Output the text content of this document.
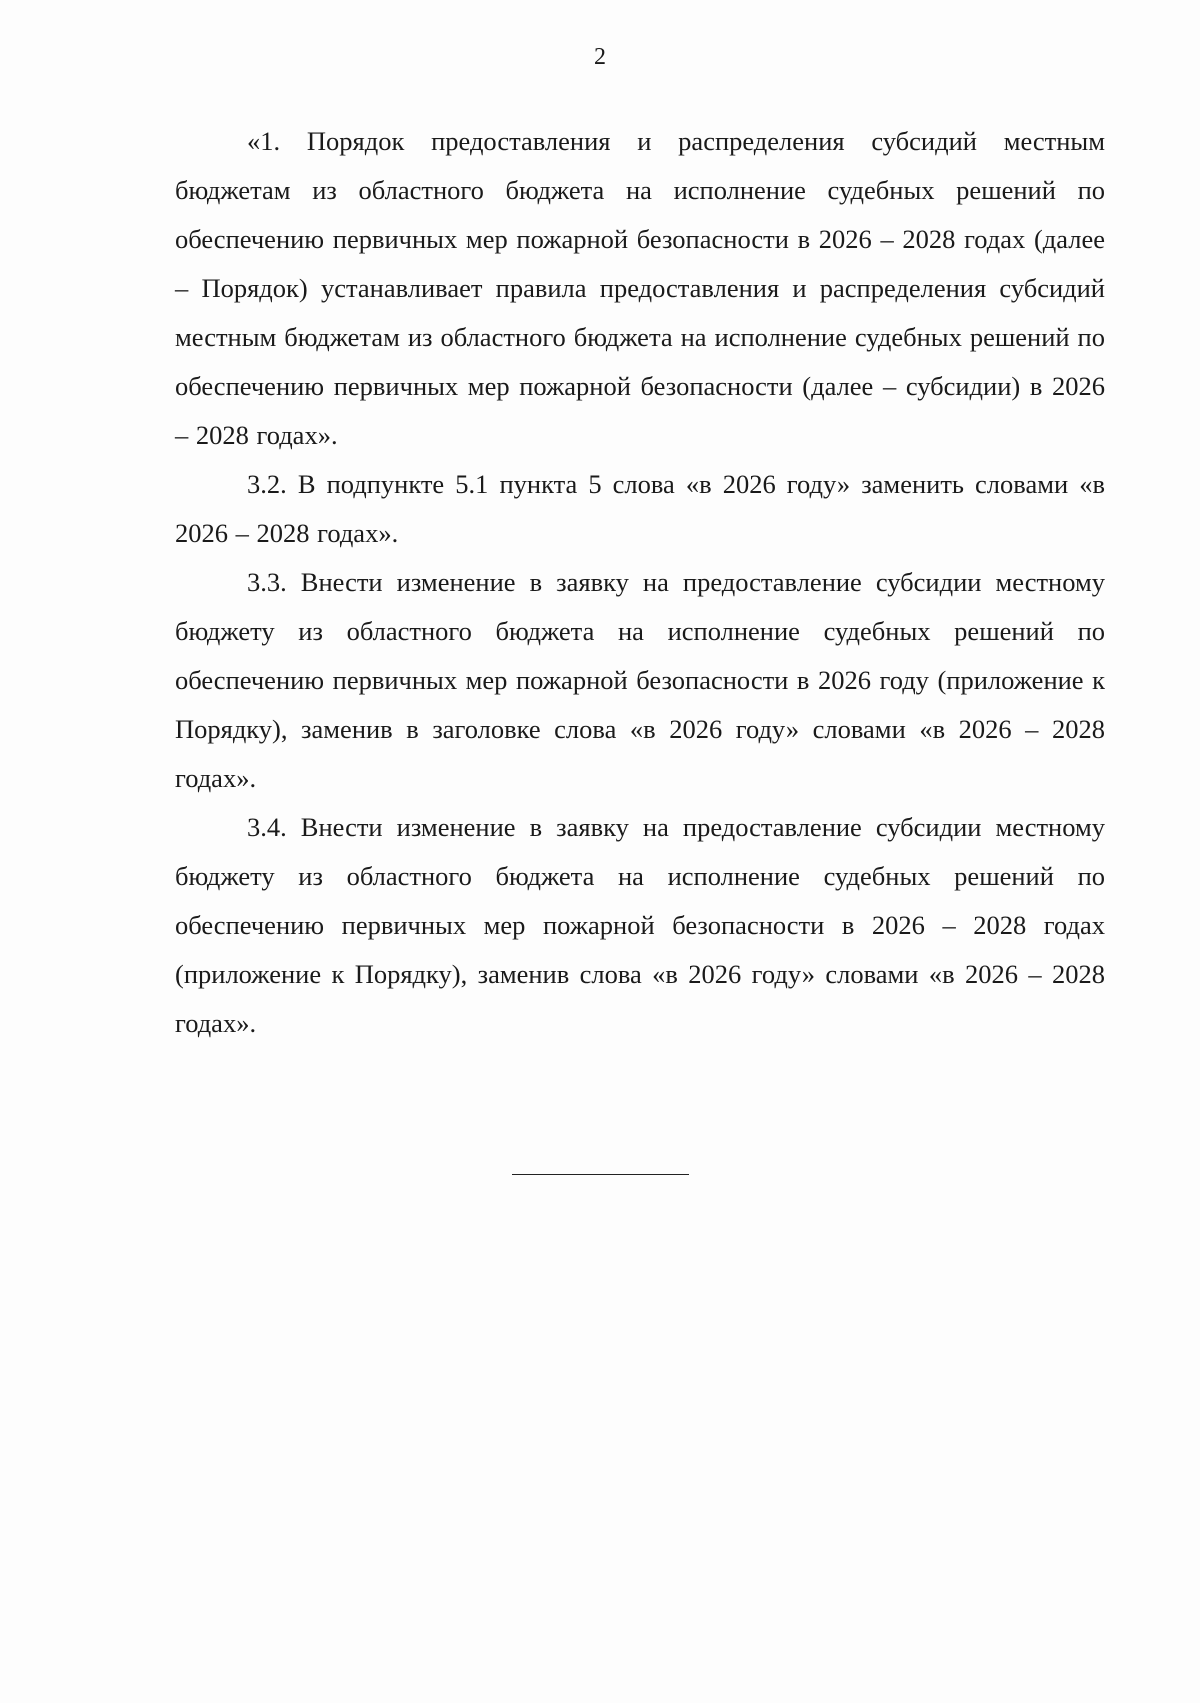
2

«1. Порядок предоставления и распределения субсидий местным бюджетам из областного бюджета на исполнение судебных решений по обеспечению первичных мер пожарной безопасности в 2026 – 2028 годах (далее – Порядок) устанавливает правила предоставления и распределения субсидий местным бюджетам из областного бюджета на исполнение судебных решений по обеспечению первичных мер пожарной безопасности (далее – субсидии) в 2026 – 2028 годах».

3.2. В подпункте 5.1 пункта 5 слова «в 2026 году» заменить словами «в 2026 – 2028 годах».

3.3. Внести изменение в заявку на предоставление субсидии местному бюджету из областного бюджета на исполнение судебных решений по обеспечению первичных мер пожарной безопасности в 2026 году (приложение к Порядку), заменив в заголовке слова «в 2026 году» словами «в 2026 – 2028 годах».

3.4. Внести изменение в заявку на предоставление субсидии местному бюджету из областного бюджета на исполнение судебных решений по обеспечению первичных мер пожарной безопасности в 2026 – 2028 годах (приложение к Порядку), заменив слова «в 2026 году» словами «в 2026 – 2028 годах».
